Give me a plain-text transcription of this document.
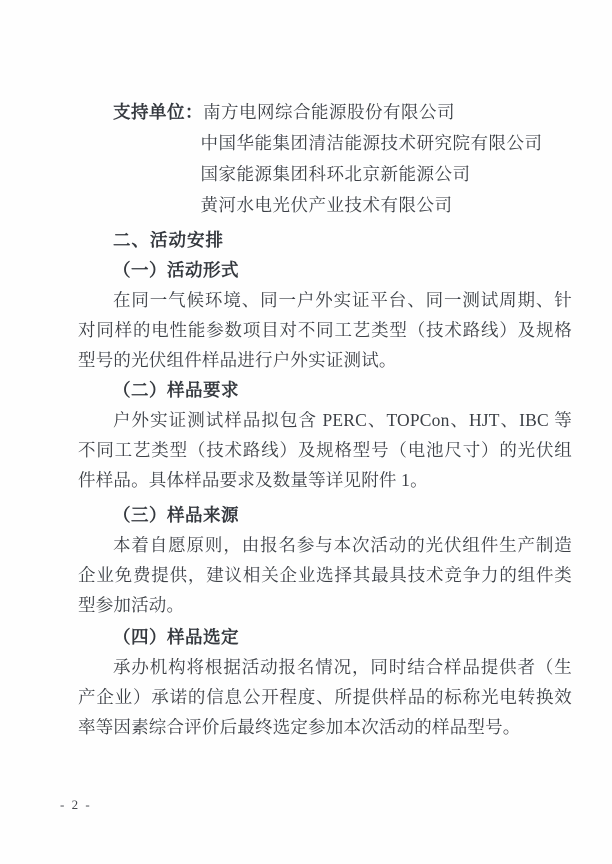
支持单位：南方电网综合能源股份有限公司
中国华能集团清洁能源技术研究院有限公司
国家能源集团科环北京新能源公司
黄河水电光伏产业技术有限公司
二、活动安排
（一）活动形式

在同一气候环境、同一户外实证平台、同一测试周期、针对同样的电性能参数项目对不同工艺类型（技术路线）及规格型号的光伏组件样品进行户外实证测试。

（二）样品要求

户外实证测试样品拟包含 PERC、TOPCon、HJT、IBC 等不同工艺类型（技术路线）及规格型号（电池尺寸）的光伏组件样品。具体样品要求及数量等详见附件 1。

（三）样品来源

本着自愿原则，由报名参与本次活动的光伏组件生产制造企业免费提供，建议相关企业选择其最具技术竞争力的组件类型参加活动。

（四）样品选定

承办机构将根据活动报名情况，同时结合样品提供者（生产企业）承诺的信息公开程度、所提供样品的标称光电转换效率等因素综合评价后最终选定参加本次活动的样品型号。

- 2 -
